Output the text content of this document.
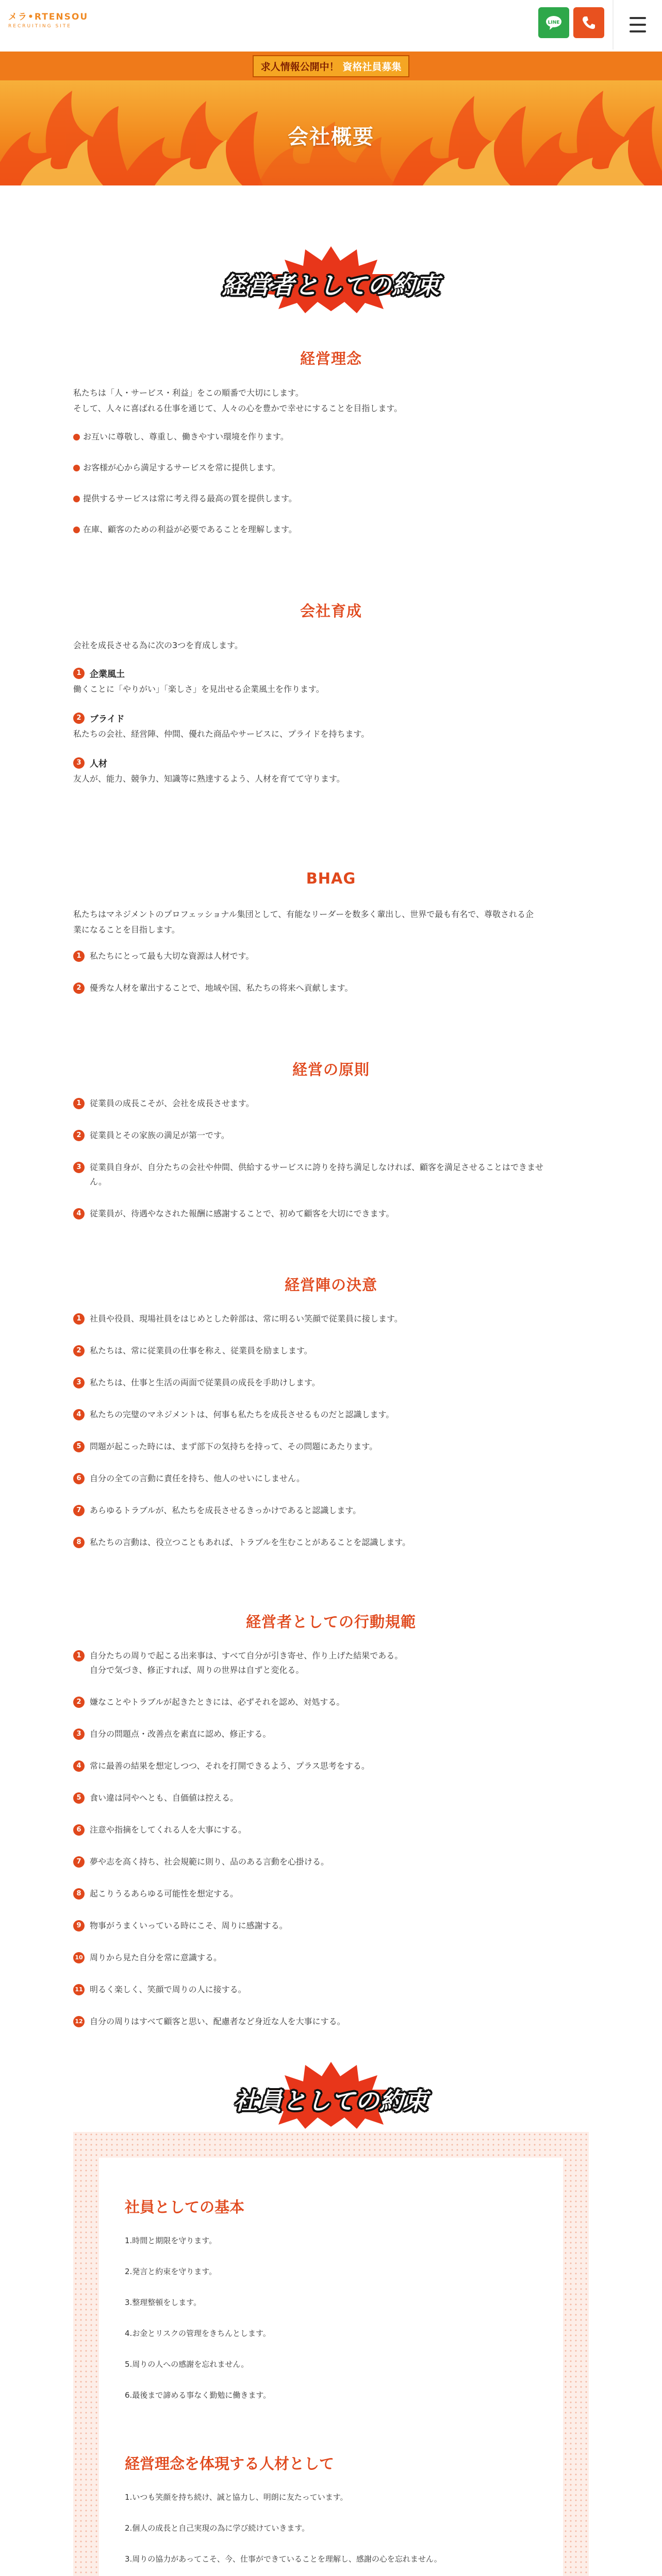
メラ•RTENSOU
RECRUITING SITE
LINE
求人情報公開中！ 資格社員募集
会社概要
経営者としての約束
経営理念
私たちは「人・サービス・利益」をこの順番で大切にします。
そして、人々に喜ばれる仕事を通じて、人々の心を豊かで幸せにすることを目指します。
お互いに尊敬し、尊重し、働きやすい環境を作ります。
お客様が心から満足するサービスを常に提供します。
提供するサービスは常に考え得る最高の質を提供します。
在庫、顧客のための利益が必要であることを理解します。
会社育成
会社を成長させる為に次の3つを育成します。
1 企業風土
働くことに「やりがい」「楽しさ」を見出せる企業風土を作ります。
2 ブライド
私たちの会社、経営陣、仲間、優れた商品やサービスに、プライドを持ちます。
3 人材
友人が、能力、競争力、知識等に熟達するよう、人材を育てて守ります。
BHAG
私たちはマネジメントのプロフェッショナル集団として、有能なリーダーを数多く輩出し、世界で最も有名で、尊敬される企
業になることを目指します。
1	私たちにとって最も大切な資源は人材です。
2	優秀な人材を輩出することで、地域や国、私たちの将来へ貢献します。
経営の原則
1	従業員の成長こそが、会社を成長させます。
2	従業員とその家族の満足が第一です。
3	従業員自身が、自分たちの会社や仲間、供給するサービスに誇りを持ち満足しなければ、顧客を満足させることはできませ
ん。
4	従業員が、待遇やなされた報酬に感謝することで、初めて顧客を大切にできます。
経営陣の決意
1	社員や役員、現場社員をはじめとした幹部は、常に明るい笑顔で従業員に接します。
2	私たちは、常に従業員の仕事を称え、従業員を励まします。
3	私たちは、仕事と生活の両面で従業員の成長を手助けします。
4	私たちの完璧のマネジメントは、何事も私たちを成長させるものだと認識します。
5	問題が起こった時には、まず部下の気持ちを持って、その問題にあたります。
6	自分の全ての言動に責任を持ち、他人のせいにしません。
7	あらゆるトラブルが、私たちを成長させるきっかけであると認識します。
8	私たちの言動は、役立つこともあれば、トラブルを生むことがあることを認識します。
経営者としての行動規範
1	自分たちの周りで起こる出来事は、すべて自分が引き寄せ、作り上げた結果である。
自分で気づき、修正すれば、周りの世界は自ずと変化る。
2	嫌なことやトラブルが起きたときには、必ずそれを認め、対処する。
3	自分の問題点・改善点を素直に認め、修正する。
4	常に最善の結果を想定しつつ、それを打開できるよう、プラス思考をする。
5	食い違は同やへとも、自価値は控える。
6	注意や指摘をしてくれる人を大事にする。
7	夢や志を高く持ち、社会規範に則り、品のある言動を心掛ける。
8	起こりうるあらゆる可能性を想定する。
9	物事がうまくいっている時にこそ、周りに感謝する。
10 周りから見た自分を常に意識する。
11 明るく楽しく、笑顔で周りの人に接する。
12 自分の周りはすべて顧客と思い、配慮者など身近な人を大事にする。
社員としての約束
社員としての基本
1.時間と期限を守ります。
2.発言と約束を守ります。
3.整理整頓をします。
4.お金とリスクの管理をきちんとします。
5.周りの人への感謝を忘れません。
6.最後まで諦める事なく勤勉に働きます。
経営理念を体現する人材として
1.いつも笑顔を持ち続け、誠と協力し、明朗に友たっています。
2.個人の成長と自己実現の為に学び続けていきます。
3.周りの協力があってこそ、今、仕事ができていることを理解し、感謝の心を忘れません。
